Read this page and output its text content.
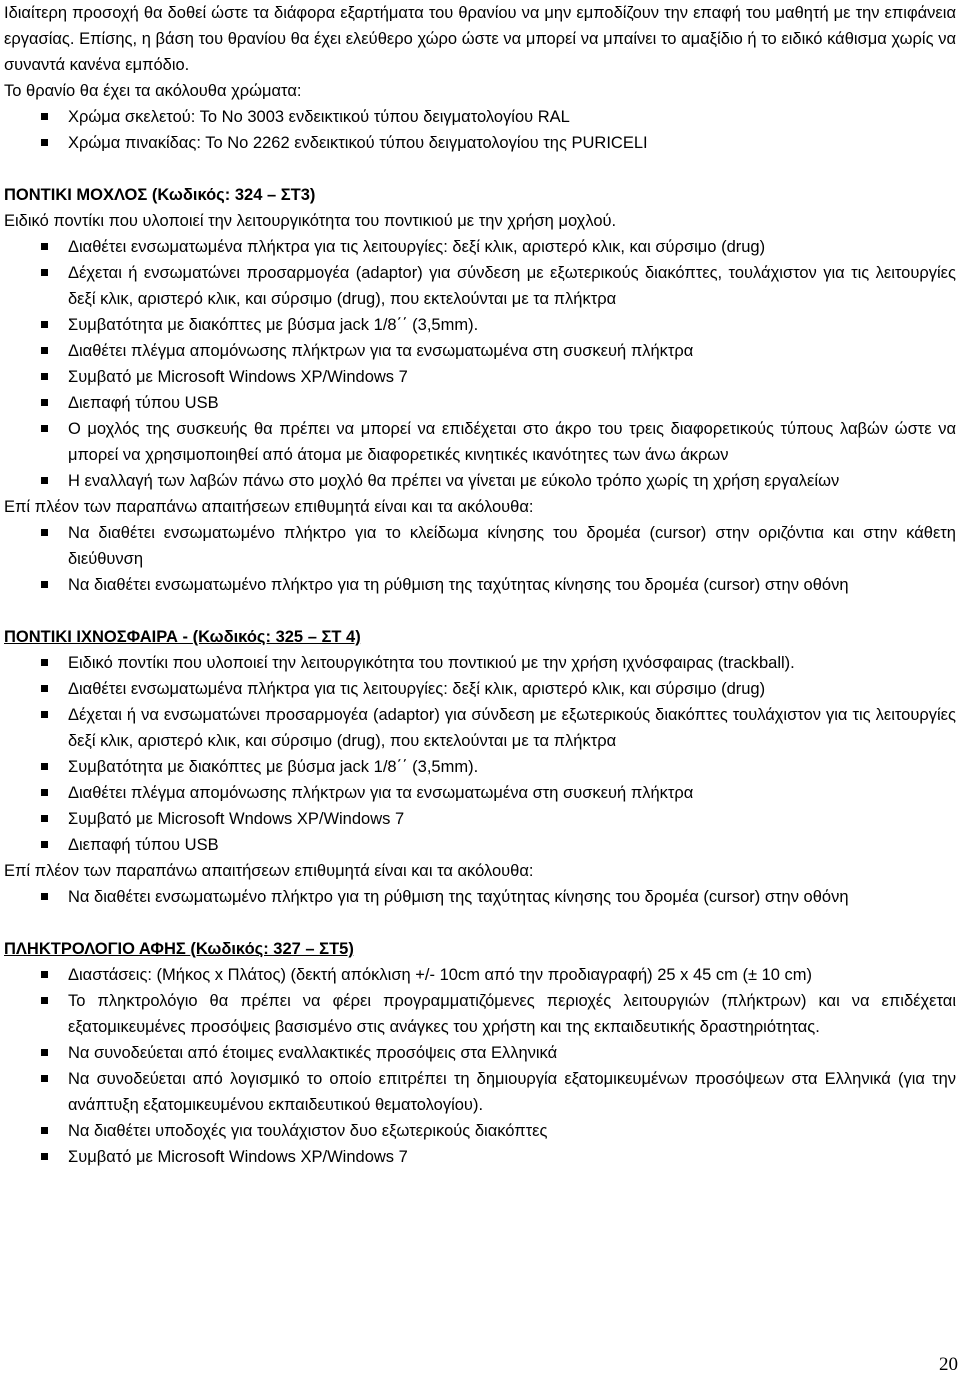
Ιδιαίτερη προσοχή θα δοθεί ώστε τα διάφορα εξαρτήματα του θρανίου να μην εμποδίζουν την επαφή του μαθητή με την επιφάνεια εργασίας. Επίσης, η βάση του θρανίου θα έχει ελεύθερο χώρο ώστε να μπορεί να μπαίνει το αμαξίδιο ή το ειδικό κάθισμα χωρίς να συναντά κανένα εμπόδιο.

Το θρανίο θα έχει τα ακόλουθα χρώματα:

Χρώμα σκελετού: Το Νο 3003 ενδεικτικού τύπου δειγματολογίου RAL
Χρώμα πινακίδας: Το Νο 2262 ενδεικτικού τύπου δειγματολογίου της PURICELI

ΠΟΝΤΙΚΙ ΜΟΧΛΟΣ (Κωδικός: 324 – ΣΤ3)

Ειδικό ποντίκι που υλοποιεί την λειτουργικότητα του ποντικιού με την χρήση μοχλού.

Διαθέτει ενσωματωμένα πλήκτρα για τις λειτουργίες: δεξί κλικ, αριστερό κλικ, και σύρσιμο (drug)
Δέχεται ή ενσωματώνει προσαρμογέα (adaptor) για σύνδεση με εξωτερικούς διακόπτες, τουλάχιστον για τις λειτουργίες δεξί κλικ, αριστερό κλικ, και σύρσιμο (drug), που εκτελούνται με τα πλήκτρα
Συμβατότητα με διακόπτες με βύσμα jack 1/8΄΄ (3,5mm).
Διαθέτει πλέγμα απομόνωσης πλήκτρων για τα ενσωματωμένα στη συσκευή πλήκτρα
Συμβατό με Microsoft Windows XP/Windows 7
Διεπαφή τύπου USB
Ο μοχλός της συσκευής θα πρέπει να μπορεί να επιδέχεται στο άκρο του τρεις διαφορετικούς τύπους λαβών ώστε να μπορεί να χρησιμοποιηθεί από άτομα με διαφορετικές κινητικές ικανότητες των άνω άκρων
Η εναλλαγή των λαβών πάνω στο μοχλό θα πρέπει να γίνεται με εύκολο τρόπο χωρίς τη χρήση εργαλείων

Επί πλέον των παραπάνω απαιτήσεων επιθυμητά είναι και τα ακόλουθα:

Να διαθέτει ενσωματωμένο πλήκτρο για το κλείδωμα κίνησης του δρομέα (cursor) στην οριζόντια και στην κάθετη διεύθυνση
Να διαθέτει ενσωματωμένο πλήκτρο για τη ρύθμιση της ταχύτητας κίνησης του δρομέα (cursor) στην οθόνη

ΠΟΝΤΙΚΙ ΙΧΝΟΣΦΑΙΡΑ - (Κωδικός: 325 – ΣΤ 4)

Ειδικό ποντίκι που υλοποιεί την λειτουργικότητα του ποντικιού με την χρήση ιχνόσφαιρας (trackball).
Διαθέτει ενσωματωμένα πλήκτρα για τις λειτουργίες: δεξί κλικ, αριστερό κλικ, και σύρσιμο (drug)
Δέχεται ή να ενσωματώνει προσαρμογέα (adaptor) για σύνδεση με εξωτερικούς διακόπτες τουλάχιστον για τις λειτουργίες δεξί κλικ, αριστερό κλικ, και σύρσιμο (drug), που εκτελούνται με τα πλήκτρα
Συμβατότητα με διακόπτες με βύσμα jack 1/8΄΄ (3,5mm).
Διαθέτει πλέγμα απομόνωσης πλήκτρων για τα ενσωματωμένα στη συσκευή πλήκτρα
Συμβατό με Microsoft Wndows XP/Windows 7
Διεπαφή τύπου USB

Επί πλέον των παραπάνω απαιτήσεων επιθυμητά είναι και τα ακόλουθα:

Να διαθέτει ενσωματωμένο πλήκτρο για τη ρύθμιση της ταχύτητας κίνησης του δρομέα (cursor) στην οθόνη

ΠΛΗΚΤΡΟΛΟΓΙΟ ΑΦΗΣ (Κωδικός: 327 – ΣΤ5)

Διαστάσεις: (Μήκος x Πλάτος) (δεκτή απόκλιση +/- 10cm από την προδιαγραφή) 25 x 45 cm (± 10 cm)
Το πληκτρολόγιο θα πρέπει να φέρει προγραμματιζόμενες περιοχές λειτουργιών (πλήκτρων) και να επιδέχεται εξατομικευμένες προσόψεις βασισμένο στις ανάγκες του χρήστη και της εκπαιδευτικής δραστηριότητας.
Να συνοδεύεται από έτοιμες εναλλακτικές προσόψεις στα Ελληνικά
Να συνοδεύεται από λογισμικό το οποίο επιτρέπει τη δημιουργία εξατομικευμένων προσόψεων στα Ελληνικά (για την ανάπτυξη εξατομικευμένου εκπαιδευτικού θεματολογίου).
Να διαθέτει υποδοχές για τουλάχιστον δυο εξωτερικούς διακόπτες
Συμβατό με Microsoft Windows XP/Windows 7
20
